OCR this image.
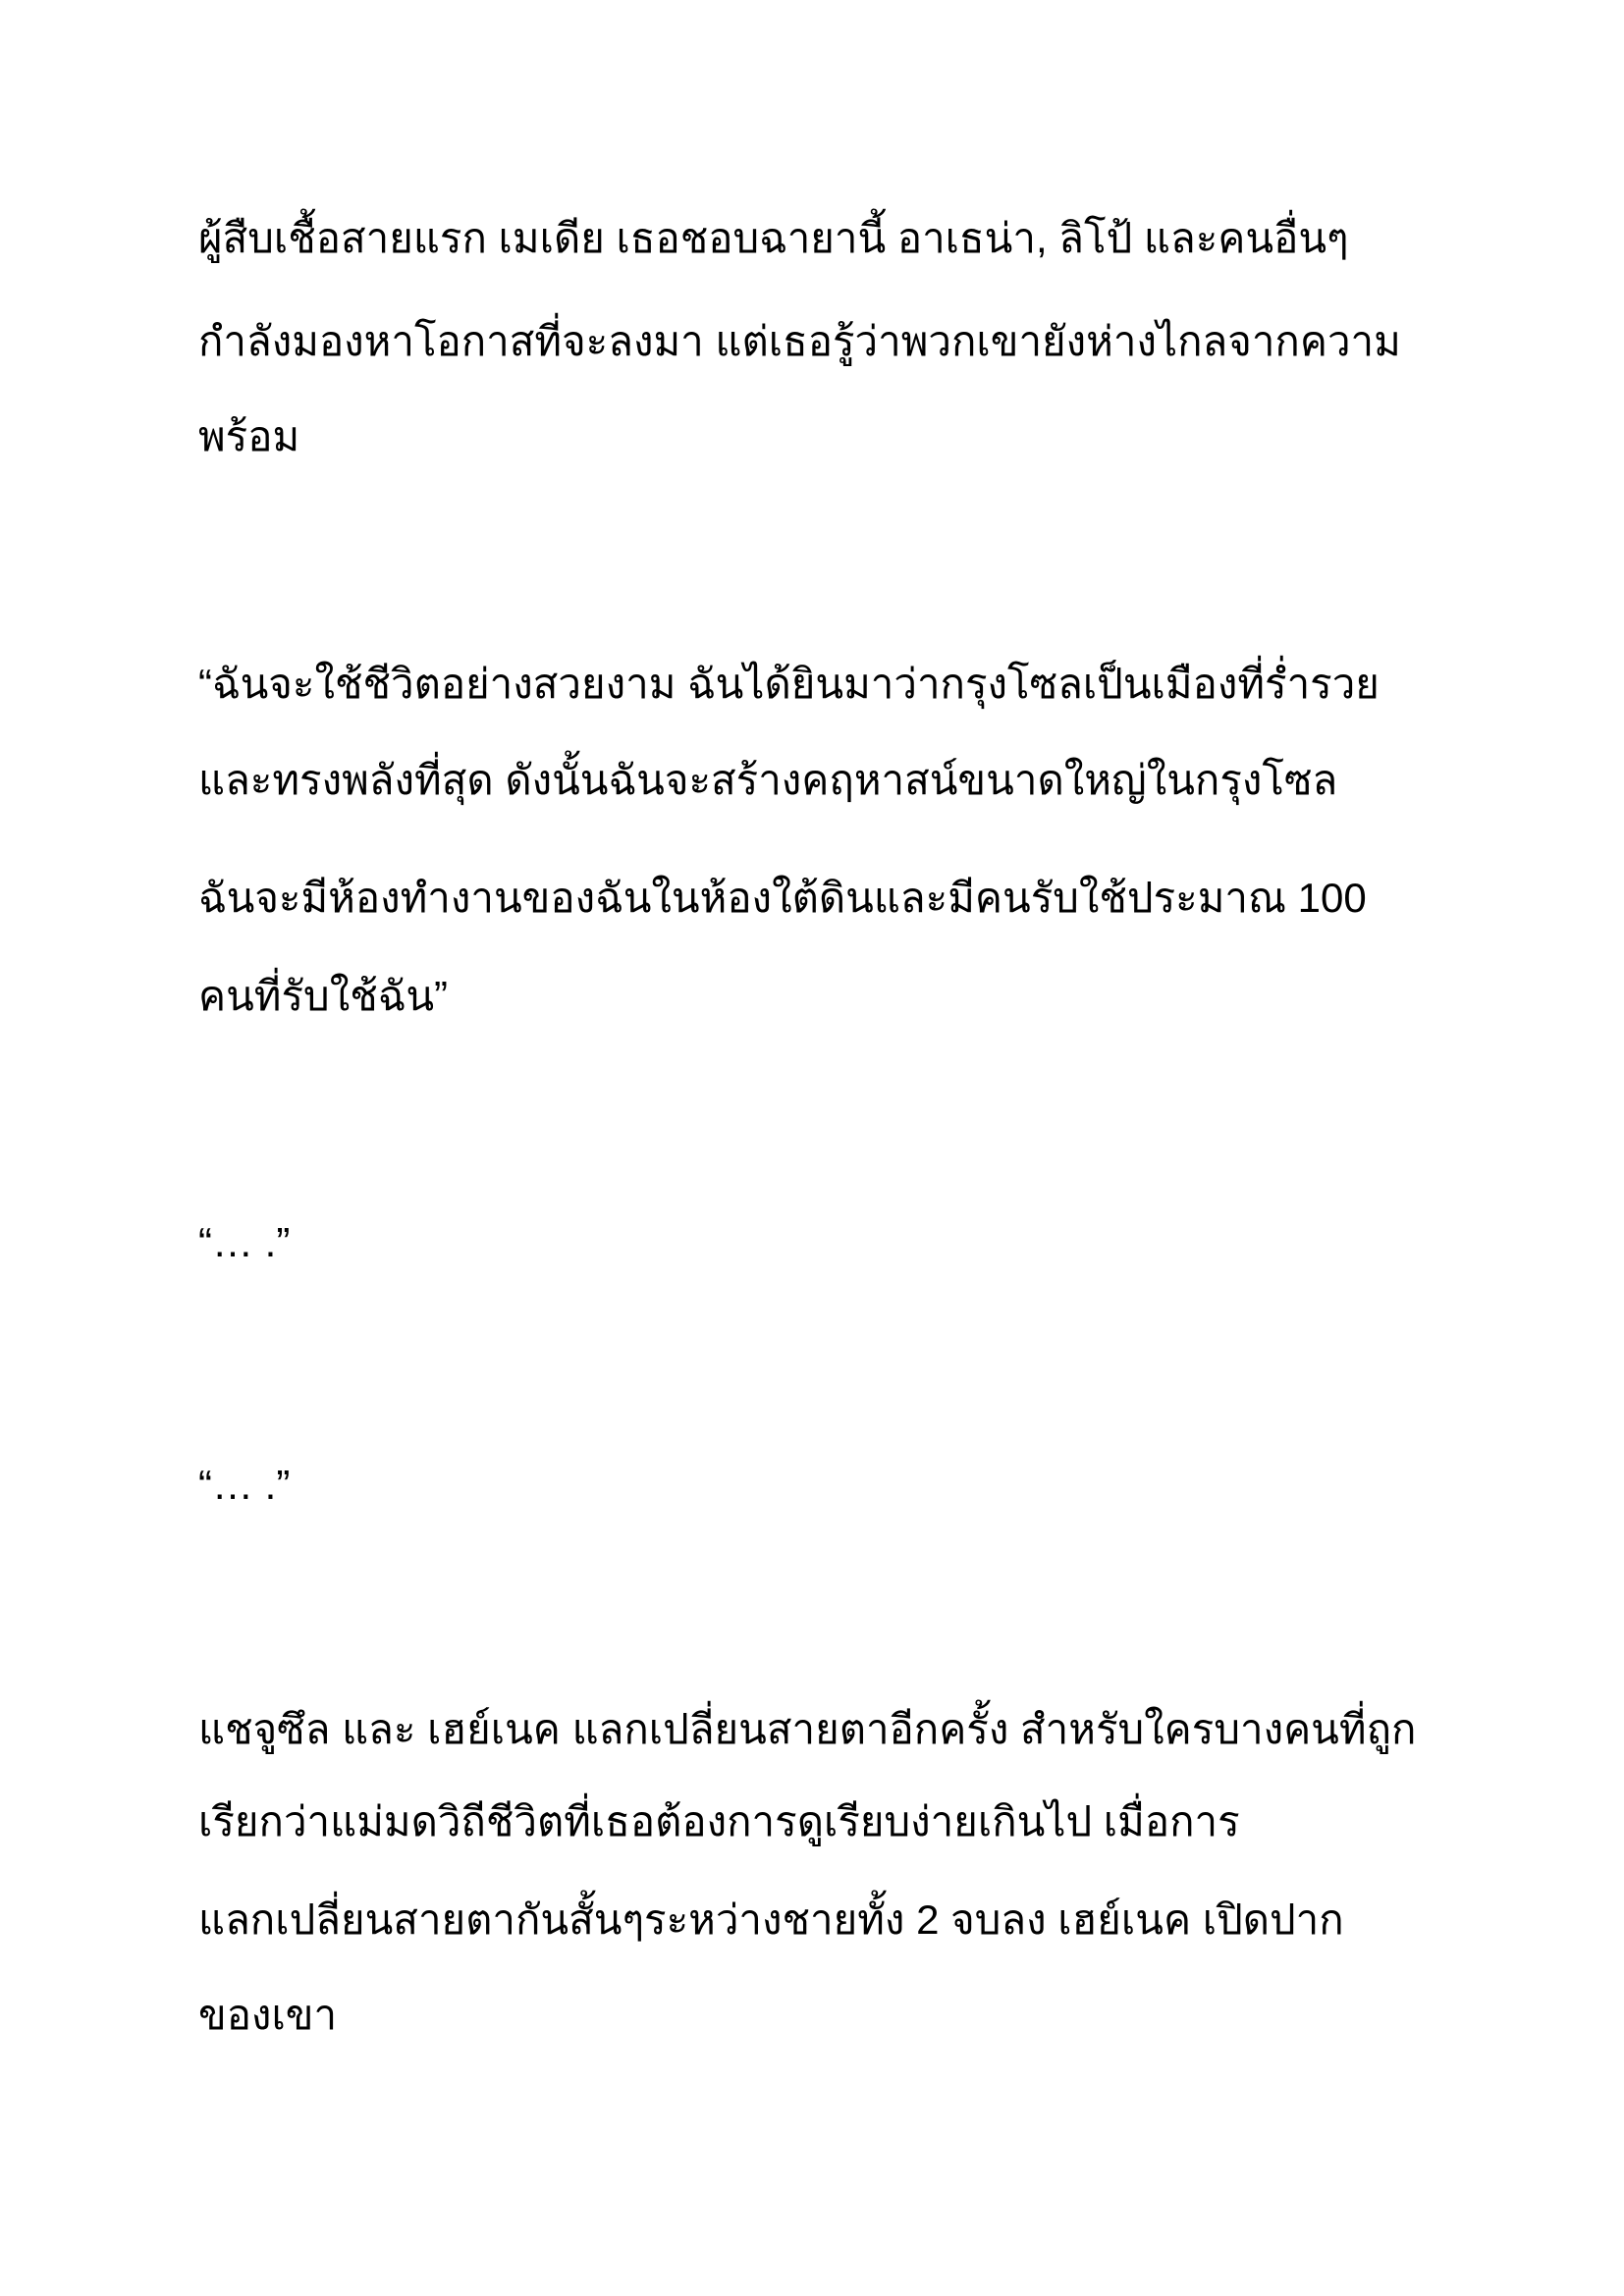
ผู้สืบเชื้อสายแรก เมเดีย เธอชอบฉายานี้ อาเธน่า, ลิโป้ และคนอื่นๆ
กำลังมองหาโอกาสที่จะลงมา แต่เธอรู้ว่าพวกเขายังห่างไกลจากความ
พร้อม
“ฉันจะใช้ชีวิตอย่างสวยงาม ฉันได้ยินมาว่ากรุงโซลเป็นเมืองที่ร่ำรวย
และทรงพลังที่สุด ดังนั้นฉันจะสร้างคฤหาสน์ขนาดใหญ่ในกรุงโซล
ฉันจะมีห้องทำงานของฉันในห้องใต้ดินและมีคนรับใช้ประมาณ 100
คนที่รับใช้ฉัน”
“… .”
“… .”
แชจูซึล และ เฮย์เนค แลกเปลี่ยนสายตาอีกครั้ง สำหรับใครบางคนที่ถูก
เรียกว่าแม่มดวิถีชีวิตที่เธอต้องการดูเรียบง่ายเกินไป เมื่อการ
แลกเปลี่ยนสายตากันสั้นๆระหว่างชายทั้ง 2 จบลง เฮย์เนค เปิดปาก
ของเขา
